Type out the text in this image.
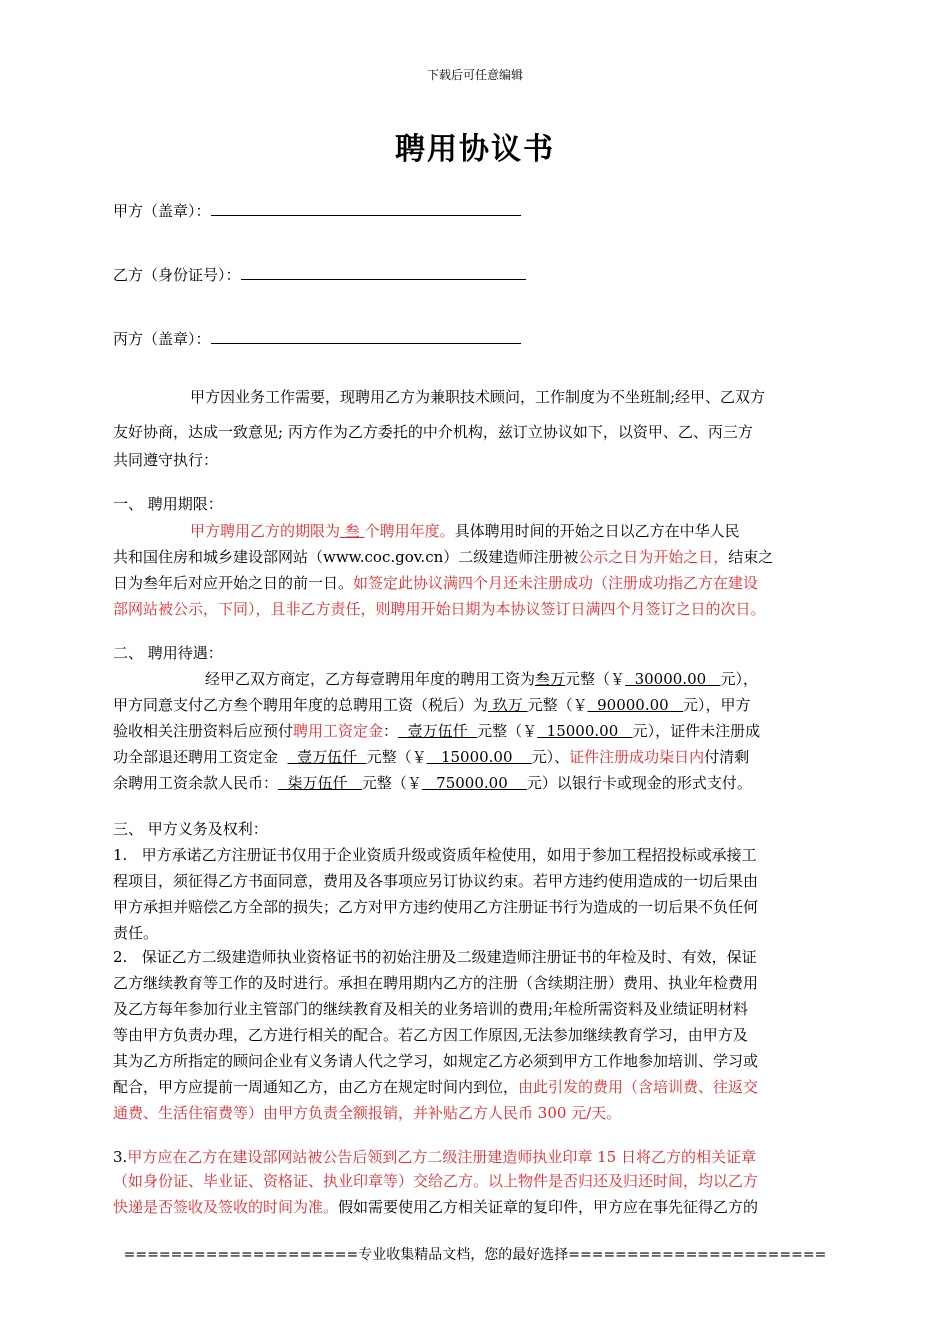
下载后可任意编辑
聘用协议书
甲方（盖章）：
乙方（身份证号）：
丙方（盖章）：
甲方因业务工作需要，现聘用乙方为兼职技术顾问，工作制度为不坐班制;经甲、乙双方
友好协商，达成一致意见; 丙方作为乙方委托的中介机构，兹订立协议如下，以资甲、乙、丙三方
共同遵守执行：
一、 聘用期限：
甲方聘用乙方的期限为 叁 个聘用年度。具体聘用时间的开始之日以乙方在中华人民
共和国住房和城乡建设部网站（www.coc.gov.cn）二级建造师注册被公示之日为开始之日，结束之
日为叁年后对应开始之日的前一日。如签定此协议满四个月还未注册成功（注册成功指乙方在建设
部网站被公示，下同），且非乙方责任，则聘用开始日期为本协议签订日满四个月签订之日的次日。
二、 聘用待遇：
经甲乙双方商定，乙方每壹聘用年度的聘用工资为叁万元整（￥  30000.00   元），
甲方同意支付乙方叁个聘用年度的总聘用工资（税后）为 玖万 元整（￥  90000.00   元），甲方
验收相关注册资料后应预付聘用工资定金：  壹万伍仟  元整（￥  15000.00   元），证件未注册成
功全部退还聘用工资定金    壹万伍仟  元整（￥   15000.00    元）、证件注册成功柒日内付清剩
余聘用工资余款人民币：  柒万伍仟   元整（￥   75000.00    元）以银行卡或现金的形式支付。
三、 甲方义务及权利：
1.   甲方承诺乙方注册证书仅用于企业资质升级或资质年检使用，如用于参加工程招投标或承接工
程项目，须征得乙方书面同意，费用及各事项应另订协议约束。若甲方违约使用造成的一切后果由
甲方承担并赔偿乙方全部的损失；乙方对甲方违约使用乙方注册证书行为造成的一切后果不负任何
责任。
2.   保证乙方二级建造师执业资格证书的初始注册及二级建造师注册证书的年检及时、有效，保证
乙方继续教育等工作的及时进行。承担在聘用期内乙方的注册（含续期注册）费用、执业年检费用
及乙方每年参加行业主管部门的继续教育及相关的业务培训的费用;年检所需资料及业绩证明材料
等由甲方负责办理，乙方进行相关的配合。若乙方因工作原因,无法参加继续教育学习，由甲方及
其为乙方所指定的顾问企业有义务请人代之学习，如规定乙方必须到甲方工作地参加培训、学习或
配合，甲方应提前一周通知乙方，由乙方在规定时间内到位，由此引发的费用（含培训费、往返交
通费、生活住宿费等）由甲方负责全额报销，并补贴乙方人民币 300 元/天。
3.甲方应在乙方在建设部网站被公告后领到乙方二级注册建造师执业印章 15 日将乙方的相关证章
（如身份证、毕业证、资格证、执业印章等）交给乙方。以上物件是否归还及归还时间，均以乙方
快递是否签收及签收的时间为准。假如需要使用乙方相关证章的复印件，甲方应在事先征得乙方的
====================专业收集精品文档，您的最好选择======================
